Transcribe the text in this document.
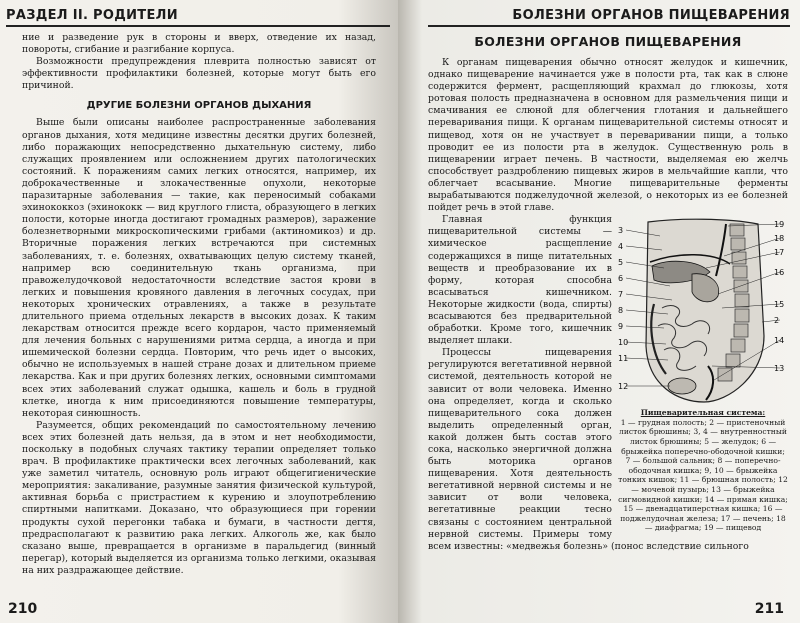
РАЗДЕЛ II. РОДИТЕЛИ

ние и разведение рук в стороны и вверх, отведение их назад, повороты, сгибание и разгибание корпуса.

Возможности предупреждения плеврита полностью зависят от эффективности профилактики болезней, которые могут быть его причиной.

ДРУГИЕ БОЛЕЗНИ ОРГАНОВ ДЫХАНИЯ

Выше были описаны наиболее распространенные заболевания органов дыхания, хотя медицине известны десятки других болезней, либо поражающих непосредственно дыхательную систему, либо служащих проявлением или осложнением других патологических состояний. К поражениям самих легких относятся, например, их доброкачественные и злокачественные опухоли, некоторые паразитарные заболевания — такие, как переносимый собаками эхинококкоз (эхинококк — вид круглого глиста, образующего в легких полости, которые иногда достигают громадных размеров), заражение болезнетворными микроскопическими грибами (актиномикоз) и др. Вторичные поражения легких встречаются при системных заболеваниях, т. е. болезнях, охватывающих целую систему тканей, например всю соединительную ткань организма, при правожелудочковой недостаточности вследствие застоя крови в легких и повышения кровяного давления в легочных сосудах, при некоторых хронических отравлениях, а также в результате длительного приема отдельных лекарств в высоких дозах. К таким лекарствам относится прежде всего кордарон, часто применяемый для лечения больных с нарушениями ритма сердца, а иногда и при ишемической болезни сердца. Повторим, что речь идет о высоких, обычно не используемых в нашей стране дозах и длительном приеме лекарства. Как и при других болезнях легких, основными симптомами всех этих заболеваний служат одышка, кашель и боль в грудной клетке, иногда к ним присоединяются повышение температуры, некоторая синюшность.

Разумеется, общих рекомендаций по самостоятельному лечению всех этих болезней дать нельзя, да в этом и нет необходимости, поскольку в подобных случаях тактику терапии определяет только врач. В профилактике практически всех легочных заболеваний, как уже заметил читатель, основную роль играют общегигиенические мероприятия: закаливание, разумные занятия физической культурой, активная борьба с пристрастием к курению и злоупотреблению спиртными напитками. Доказано, что образующиеся при горении продукты сухой перегонки табака и бумаги, в частности дегтя, предрасполагают к развитию рака легких. Алкоголь же, как было сказано выше, превращается в организме в паральдегид (винный перегар), который выделяется из организма только легкими, оказывая на них раздражающее действие.

210
БОЛЕЗНИ ОРГАНОВ ПИЩЕВАРЕНИЯ
БОЛЕЗНИ ОРГАНОВ ПИЩЕВАРЕНИЯ

К органам пищеварения обычно относят желудок и кишечник, однако пищеварение начинается уже в полости рта, так как в слюне содержится фермент, расщепляющий крахмал до глюкозы, хотя ротовая полость предназначена в основном для размельчения пищи и смачивания ее слюной для облегчения глотания и дальнейшего переваривания пищи. К органам пищеварительной системы относят и пищевод, хотя он не участвует в переваривании пищи, а только проводит ее из полости рта в желудок. Существенную роль в пищеварении играет печень. В частности, выделяемая ею желчь способствует раздроблению пищевых жиров в мельчайшие капли, что облегчает всасывание. Многие пищеварительные ферменты вырабатываются поджелудочной железой, о некоторых из ее болезней пойдет речь в этой главе.

3
4
5
6
7
8
9
10
11
12
19
18
17
16
15
2
14
13
Пищеварительная система:
1 — грудная полость; 2 — пристеночный листок брюшины; 3, 4 — внутренностный листок брюшины; 5 — желудок; 6 — брыжейка поперечно-ободочной кишки; 7 — большой сальник; 8 — поперечно-ободочная кишка; 9, 10 — брыжейка тонких кишок; 11 — брюшная полость; 12 — мочевой пузырь; 13 — брыжейка сигмовидной кишки; 14 — прямая кишка; 15 — двенадцатиперстная кишка; 16 — поджелудочная железа; 17 — печень; 18 — диафрагма; 19 — пищевод

Главная функция пищеварительной системы — химическое расщепление содержащихся в пище питательных веществ и преобразование их в форму, которая способна всасываться кишечником. Некоторые жидкости (вода, спирты) всасываются без предварительной обработки. Кроме того, кишечник выделяет шлаки.

Процессы пищеварения регулируются вегетативной нервной системой, деятельность которой не зависит от воли человека. Именно она определяет, когда и сколько пищеварительного сока должен выделить определенный орган, какой должен быть состав этого сока, насколько энергичной должна быть моторика органов пищеварения. Хотя деятельность вегетативной нервной системы и не зависит от воли человека, вегетативные реакции тесно связаны с состоянием центральной нервной системы. Примеры тому всем известны: «медвежья болезнь» (понос вследствие сильного

211
